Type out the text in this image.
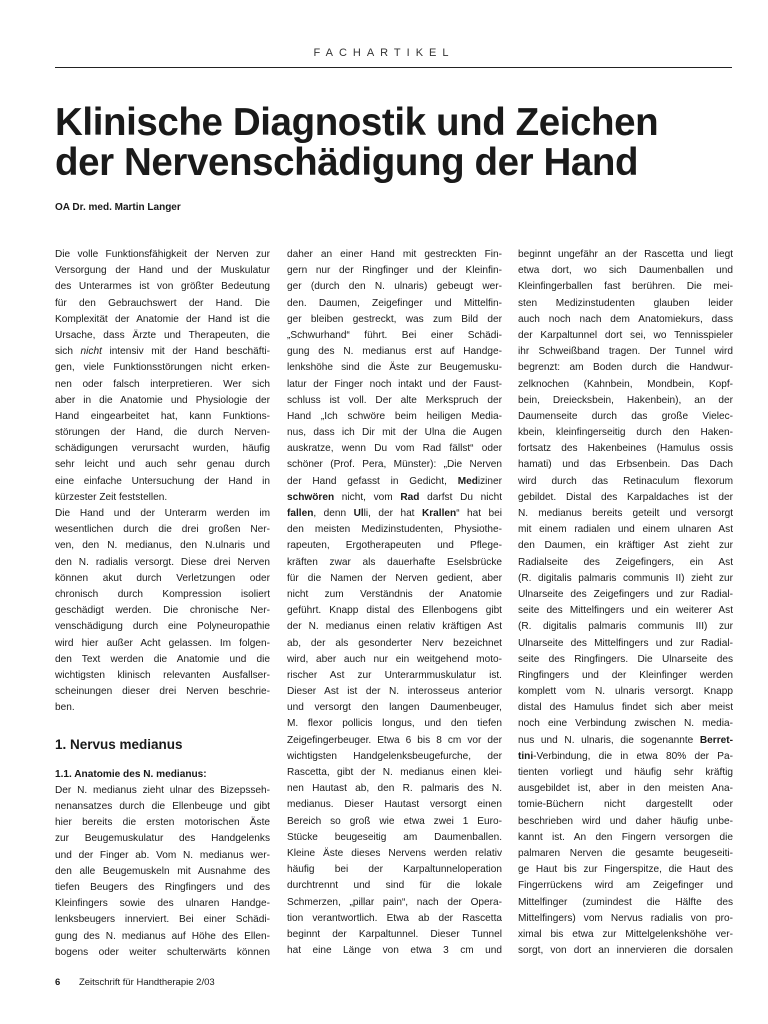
FACHARTIKEL
Klinische Diagnostik und Zeichen
der Nervenschädigung der Hand

OA Dr. med. Martin Langer

Die volle Funktionsfähigkeit der Nerven zur
Versorgung der Hand und der Muskulatur
des Unterarmes ist von größter Bedeutung
für den Gebrauchswert der Hand. Die
Komplexität der Anatomie der Hand ist die
Ursache, dass Ärzte und Therapeuten, die
sich nicht intensiv mit der Hand beschäfti-
gen, viele Funktionsstörungen nicht erken-
nen oder falsch interpretieren. Wer sich
aber in die Anatomie und Physiologie der
Hand eingearbeitet hat, kann Funktions-
störungen der Hand, die durch Nerven-
schädigungen verursacht wurden, häufig
sehr leicht und auch sehr genau durch
eine einfache Untersuchung der Hand in
kürzester Zeit feststellen.
Die Hand und der Unterarm werden im
wesentlichen durch die drei großen Ner-
ven, den N. medianus, den N.ulnaris und
den N. radialis versorgt. Diese drei Nerven
können akut durch Verletzungen oder
chronisch durch Kompression isoliert
geschädigt werden. Die chronische Ner-
venschädigung durch eine Polyneuropathie
wird hier außer Acht gelassen. Im folgen-
den Text werden die Anatomie und die
wichtigsten klinisch relevanten Ausfallser-
scheinungen dieser drei Nerven beschrie-
ben.
1. Nervus medianus
1.1. Anatomie des N. medianus:
Der N. medianus zieht ulnar des Bizepsseh-
nenansatzes durch die Ellenbeuge und gibt
hier bereits die ersten motorischen Äste
zur Beugemuskulatur des Handgelenks
und der Finger ab. Vom N. medianus wer-
den alle Beugemuskeln mit Ausnahme des
tiefen Beugers des Ringfingers und des
Kleinfingers sowie des ulnaren Handge-
lenksbeugers innerviert. Bei einer Schädi-
gung des N. medianus auf Höhe des Ellen-
bogens oder weiter schulterwärts können
daher an einer Hand mit gestreckten Fin-
gern nur der Ringfinger und der Kleinfin-
ger (durch den N. ulnaris) gebeugt wer-
den. Daumen, Zeigefinger und Mittelfin-
ger bleiben gestreckt, was zum Bild der
„Schwurhand“ führt. Bei einer Schädi-
gung des N. medianus erst auf Handge-
lenkshöhe sind die Äste zur Beugemusku-
latur der Finger noch intakt und der Faust-
schluss ist voll. Der alte Merkspruch der
Hand „Ich schwöre beim heiligen Media-
nus, dass ich Dir mit der Ulna die Augen
auskratze, wenn Du vom Rad fällst“ oder
schöner (Prof. Pera, Münster): „Die Nerven
der Hand gefasst in Gedicht, Mediziner
schwören nicht, vom Rad darfst Du nicht
fallen, denn Ulli, der hat Krallen“ hat bei
den meisten Medizinstudenten, Physiothe-
rapeuten, Ergotherapeuten und Pflege-
kräften zwar als dauerhafte Eselsbrücke
für die Namen der Nerven gedient, aber
nicht zum Verständnis der Anatomie
geführt. Knapp distal des Ellenbogens gibt
der N. medianus einen relativ kräftigen Ast
ab, der als gesonderter Nerv bezeichnet
wird, aber auch nur ein weitgehend moto-
rischer Ast zur Unterarmmuskulatur ist.
Dieser Ast ist der N. interosseus anterior
und versorgt den langen Daumenbeuger,
M. flexor pollicis longus, und den tiefen
Zeigefingerbeuger. Etwa 6 bis 8 cm vor der
wichtigsten Handgelenksbeugefurche, der
Rascetta, gibt der N. medianus einen klei-
nen Hautast ab, den R. palmaris des N.
medianus. Dieser Hautast versorgt einen
Bereich so groß wie etwa zwei 1 Euro-
Stücke beugeseitig am Daumenballen.
Kleine Äste dieses Nervens werden relativ
häufig bei der Karpaltunneloperation
durchtrennt und sind für die lokale
Schmerzen, „pillar pain“, nach der Opera-
tion verantwortlich. Etwa ab der Rascetta
beginnt der Karpaltunnel. Dieser Tunnel
hat eine Länge von etwa 3 cm und
beginnt ungefähr an der Rascetta und liegt
etwa dort, wo sich Daumenballen und
Kleinfingerballen fast berühren. Die mei-
sten Medizinstudenten glauben leider
auch noch nach dem Anatomiekurs, dass
der Karpaltunnel dort sei, wo Tennisspieler
ihr Schweißband tragen. Der Tunnel wird
begrenzt: am Boden durch die Handwur-
zelknochen (Kahnbein, Mondbein, Kopf-
bein, Dreiecksbein, Hakenbein), an der
Daumenseite durch das große Vielec-
kbein, kleinfingerseitig durch den Haken-
fortsatz des Hakenbeines (Hamulus ossis
hamati) und das Erbsenbein. Das Dach
wird durch das Retinaculum flexorum
gebildet. Distal des Karpaldaches ist der
N. medianus bereits geteilt und versorgt
mit einem radialen und einem ulnaren Ast
den Daumen, ein kräftiger Ast zieht zur
Radialseite des Zeigefingers, ein Ast
(R. digitalis palmaris communis II) zieht zur
Ulnarseite des Zeigefingers und zur Radial-
seite des Mittelfingers und ein weiterer Ast
(R. digitalis palmaris communis III) zur
Ulnarseite des Mittelfingers und zur Radial-
seite des Ringfingers. Die Ulnarseite des
Ringfingers und der Kleinfinger werden
komplett vom N. ulnaris versorgt. Knapp
distal des Hamulus findet sich aber meist
noch eine Verbindung zwischen N. media-
nus und N. ulnaris, die sogenannte Berret-
tini-Verbindung, die in etwa 80% der Pa-
tienten vorliegt und häufig sehr kräftig
ausgebildet ist, aber in den meisten Ana-
tomie-Büchern nicht dargestellt oder
beschrieben wird und daher häufig unbe-
kannt ist. An den Fingern versorgen die
palmaren Nerven die gesamte beugeseiti-
ge Haut bis zur Fingerspitze, die Haut des
Fingerrückens wird am Zeigefinger und
Mittelfinger (zumindest die Hälfte des
Mittelfingers) vom Nervus radialis von pro-
ximal bis etwa zur Mittelgelenkshöhe ver-
sorgt, von dort an innervieren die dorsalen
6 Zeitschrift für Handtherapie 2/03
